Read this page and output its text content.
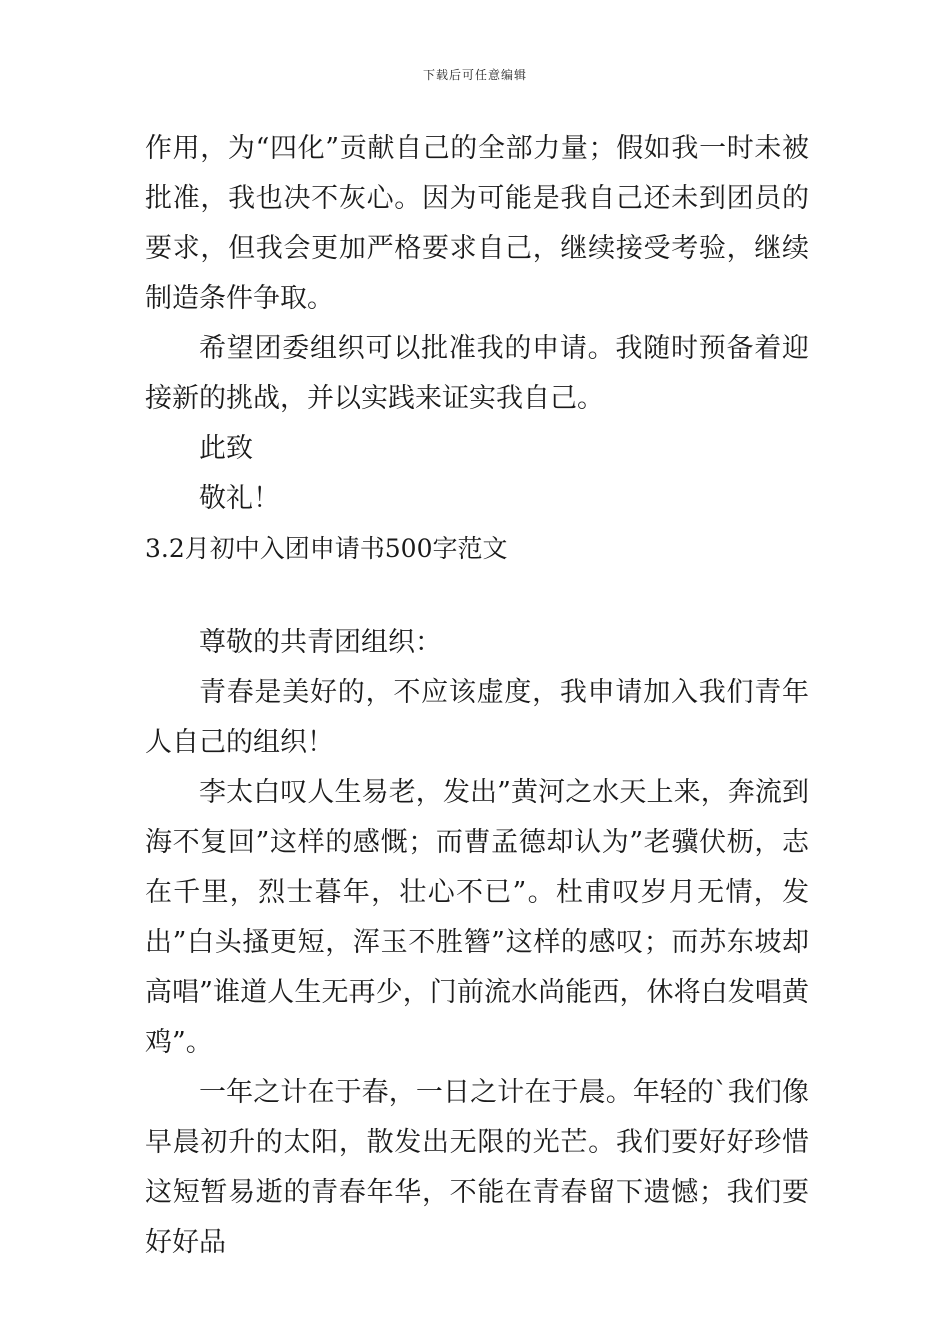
下载后可任意编辑

作用，为“四化”贡献自己的全部力量；假如我一时未被批准，我也决不灰心。因为可能是我自己还未到团员的要求，但我会更加严格要求自己，继续接受考验，继续制造条件争取。

希望团委组织可以批准我的申请。我随时预备着迎接新的挑战，并以实践来证实我自己。

此致

敬礼！

3.2月初中入团申请书500字范文

尊敬的共青团组织：

青春是美好的，不应该虚度，我申请加入我们青年人自己的组织！

李太白叹人生易老，发出”黄河之水天上来，奔流到海不复回”这样的感慨；而曹孟德却认为”老骥伏枥，志在千里，烈士暮年，壮心不已”。杜甫叹岁月无情，发出”白头搔更短，浑玉不胜簪”这样的感叹；而苏东坡却高唱”谁道人生无再少，门前流水尚能西，休将白发唱黄鸡”。

一年之计在于春，一日之计在于晨。年轻的`我们像早晨初升的太阳，散发出无限的光芒。我们要好好珍惜这短暂易逝的青春年华，不能在青春留下遗憾；我们要好好品
